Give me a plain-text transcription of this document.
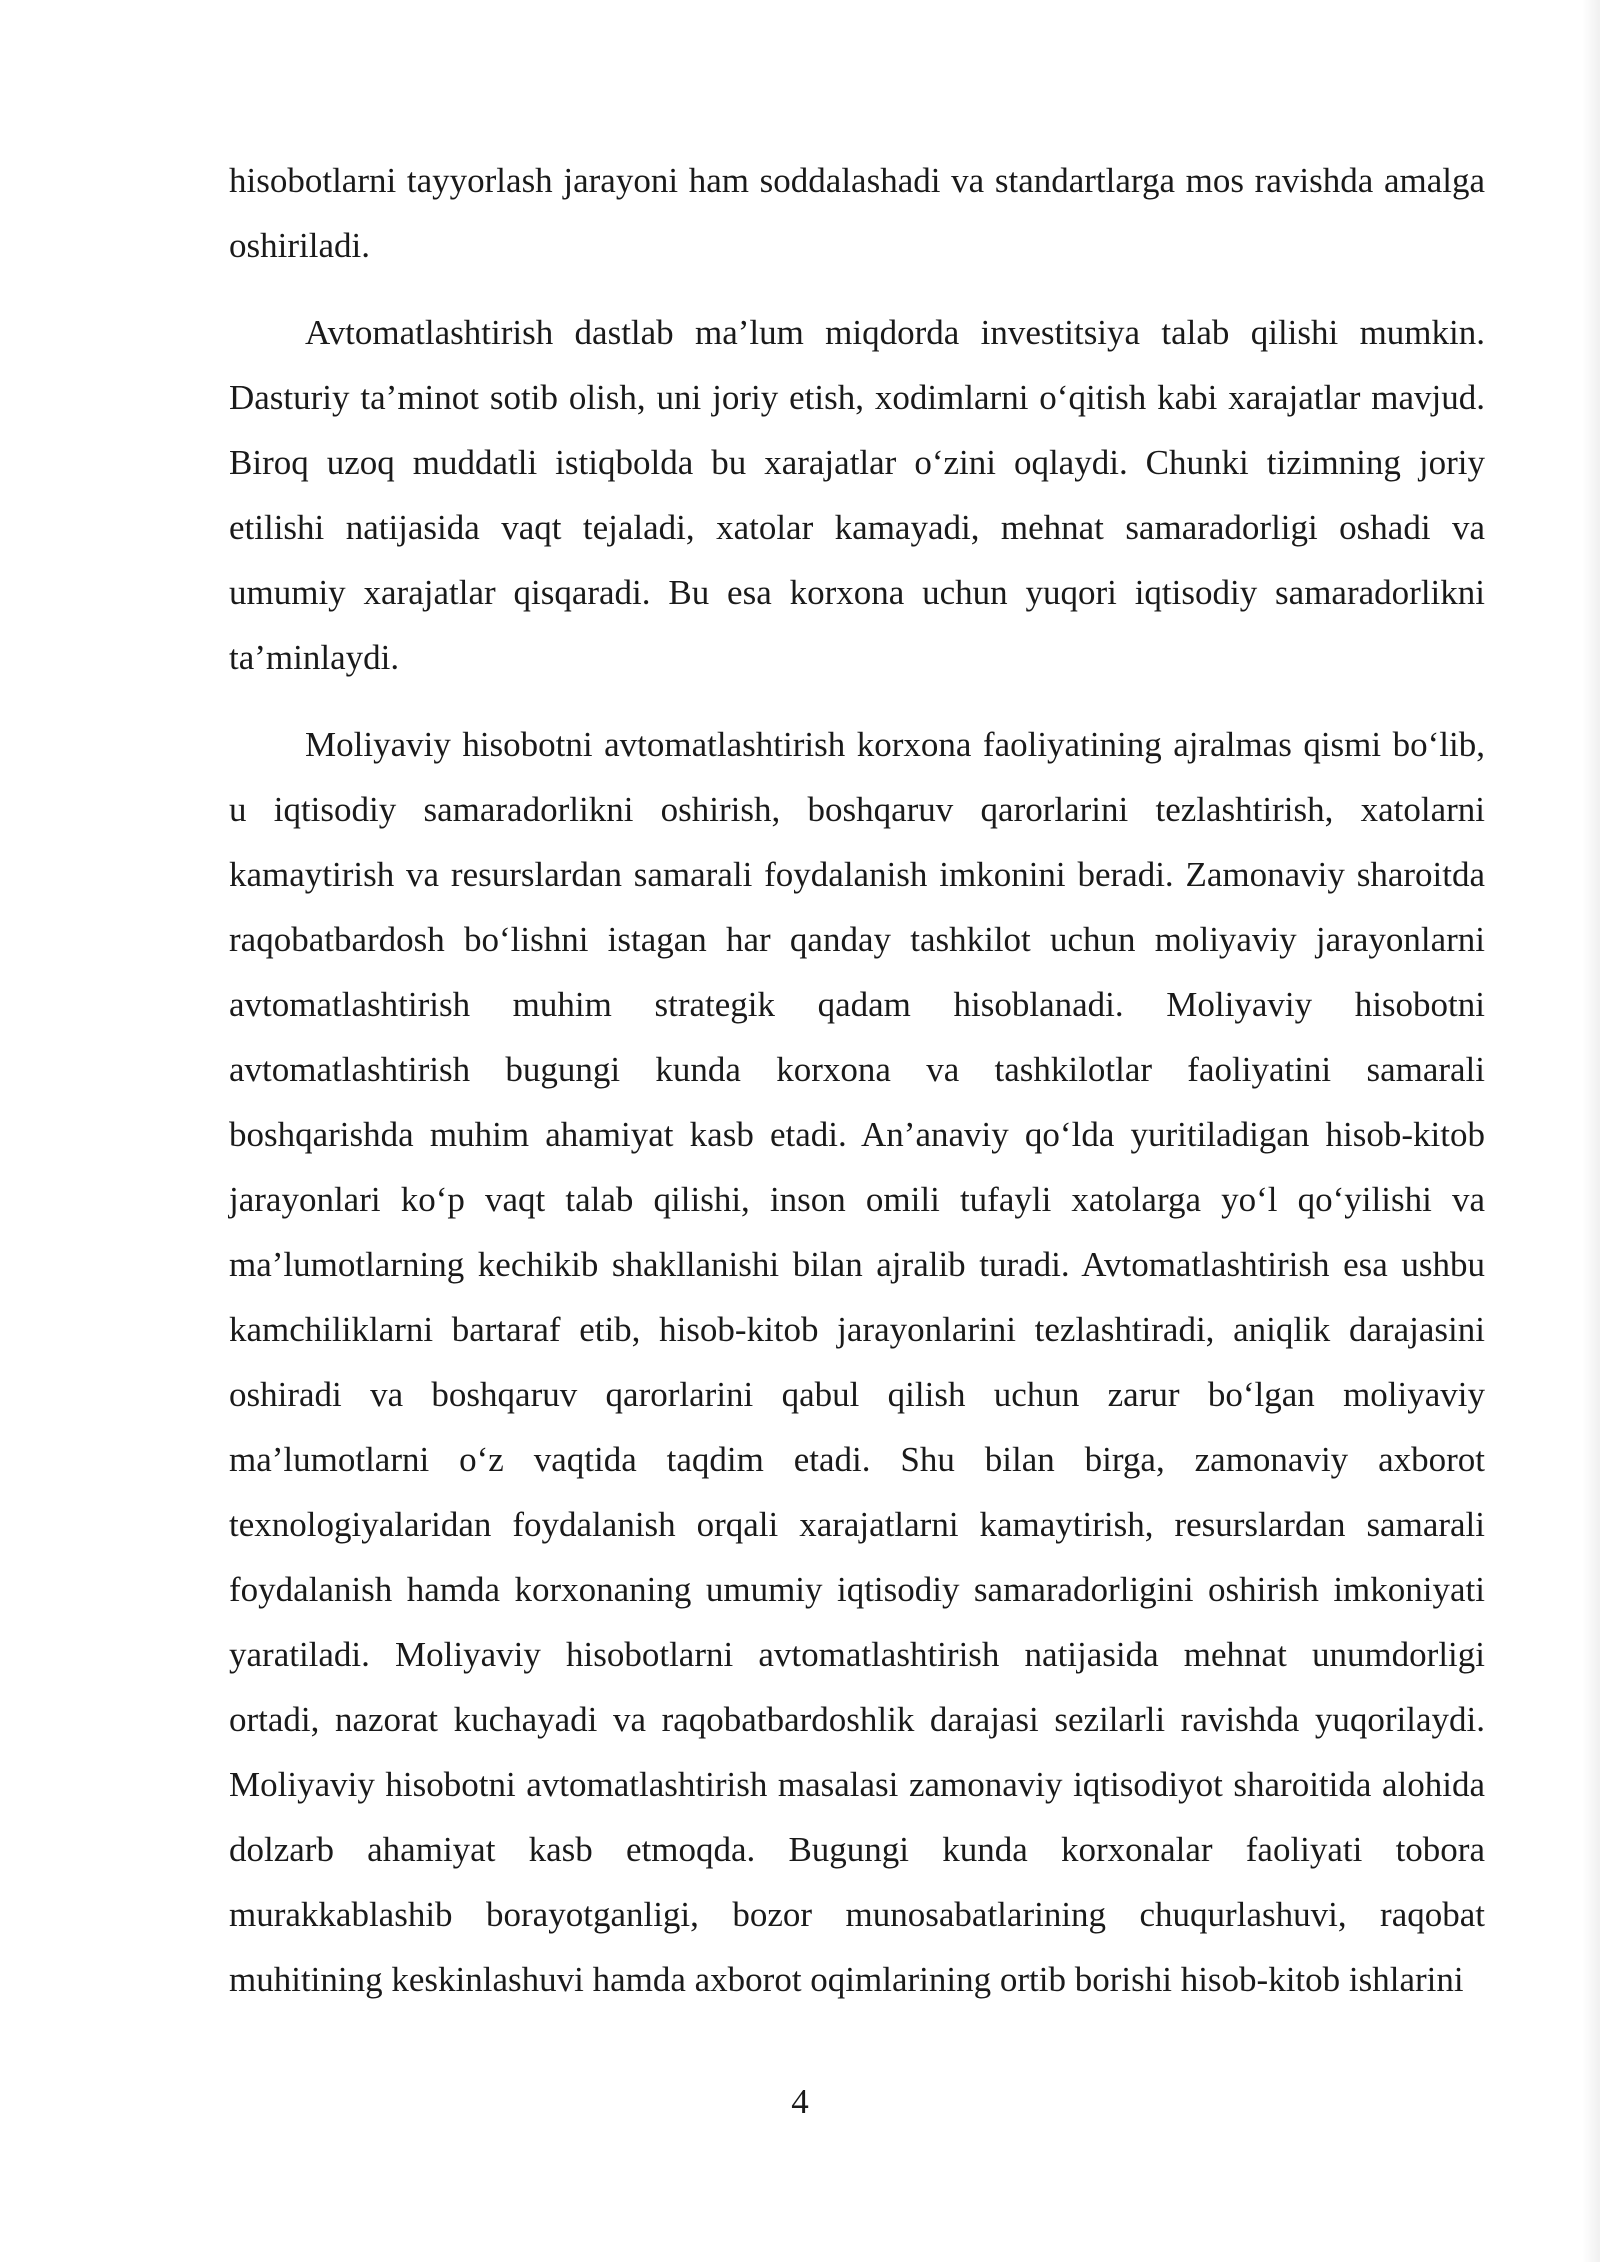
hisobotlarni tayyorlash jarayoni ham soddalashadi va standartlarga mos ravishda amalga oshiriladi.

Avtomatlashtirish dastlab ma’lum miqdorda investitsiya talab qilishi mumkin. Dasturiy ta’minot sotib olish, uni joriy etish, xodimlarni o‘qitish kabi xarajatlar mavjud. Biroq uzoq muddatli istiqbolda bu xarajatlar o‘zini oqlaydi. Chunki tizimning joriy etilishi natijasida vaqt tejaladi, xatolar kamayadi, mehnat samaradorligi oshadi va umumiy xarajatlar qisqaradi. Bu esa korxona uchun yuqori iqtisodiy samaradorlikni ta’minlaydi.

Moliyaviy hisobotni avtomatlashtirish korxona faoliyatining ajralmas qismi bo‘lib, u iqtisodiy samaradorlikni oshirish, boshqaruv qarorlarini tezlashtirish, xatolarni kamaytirish va resurslardan samarali foydalanish imkonini beradi. Zamonaviy sharoitda raqobatbardosh bo‘lishni istagan har qanday tashkilot uchun moliyaviy jarayonlarni avtomatlashtirish muhim strategik qadam hisoblanadi. Moliyaviy hisobotni avtomatlashtirish bugungi kunda korxona va tashkilotlar faoliyatini samarali boshqarishda muhim ahamiyat kasb etadi. An’anaviy qo‘lda yuritiladigan hisob-kitob jarayonlari ko‘p vaqt talab qilishi, inson omili tufayli xatolarga yo‘l qo‘yilishi va ma’lumotlarning kechikib shakllanishi bilan ajralib turadi. Avtomatlashtirish esa ushbu kamchiliklarni bartaraf etib, hisob-kitob jarayonlarini tezlashtiradi, aniqlik darajasini oshiradi va boshqaruv qarorlarini qabul qilish uchun zarur bo‘lgan moliyaviy ma’lumotlarni o‘z vaqtida taqdim etadi. Shu bilan birga, zamonaviy axborot texnologiyalaridan foydalanish orqali xarajatlarni kamaytirish, resurslardan samarali foydalanish hamda korxonaning umumiy iqtisodiy samaradorligini oshirish imkoniyati yaratiladi. Moliyaviy hisobotlarni avtomatlashtirish natijasida mehnat unumdorligi ortadi, nazorat kuchayadi va raqobatbardoshlik darajasi sezilarli ravishda yuqorilaydi. Moliyaviy hisobotni avtomatlashtirish masalasi zamonaviy iqtisodiyot sharoitida alohida dolzarb ahamiyat kasb etmoqda. Bugungi kunda korxonalar faoliyati tobora murakkablashib borayotganligi, bozor munosabatlarining chuqurlashuvi, raqobat muhitining keskinlashuvi hamda axborot oqimlarining ortib borishi hisob-kitob ishlarini

4
